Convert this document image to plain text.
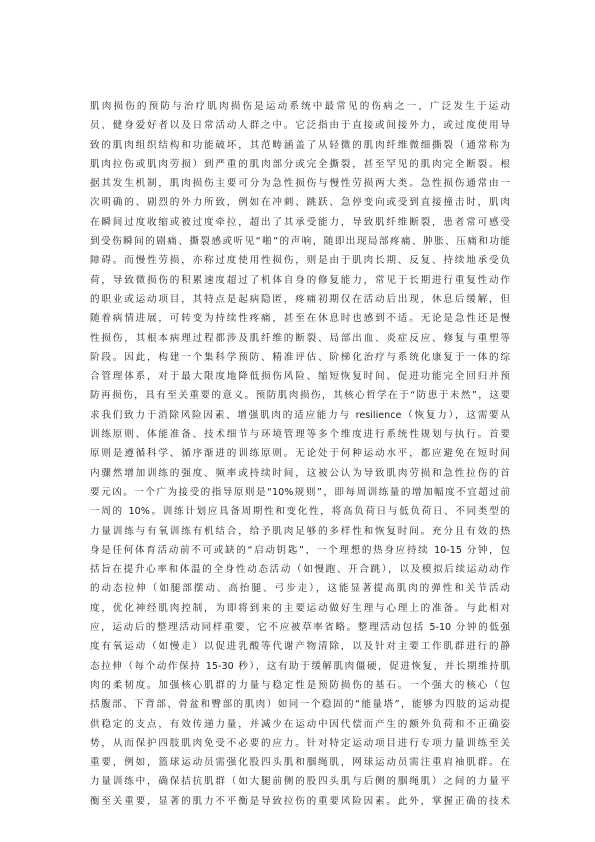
肌肉损伤的预防与治疗肌肉损伤是运动系统中最常见的伤病之一，广泛发生于运动
员、健身爱好者以及日常活动人群之中。它泛指由于直接或间接外力，或过度使用导
致的肌肉组织结构和功能破坏，其范畴涵盖了从轻微的肌肉纤维微细撕裂（通常称为
肌肉拉伤或肌肉劳损）到严重的肌肉部分或完全撕裂，甚至罕见的肌肉完全断裂。根
据其发生机制，肌肉损伤主要可分为急性损伤与慢性劳损两大类。急性损伤通常由一
次明确的、剧烈的外力所致，例如在冲刺、跳跃、急停变向或受到直接撞击时，肌肉
在瞬间过度收缩或被过度牵拉，超出了其承受能力，导致肌纤维断裂，患者常可感受
到受伤瞬间的剧痛、撕裂感或听见“啪”的声响，随即出现局部疼痛、肿胀、压痛和功能
障碍。而慢性劳损，亦称过度使用性损伤，则是由于肌肉长期、反复、持续地承受负
荷，导致微损伤的积累速度超过了机体自身的修复能力，常见于长期进行重复性动作
的职业或运动项目，其特点是起病隐匿，疼痛初期仅在活动后出现，休息后缓解，但
随着病情进展，可转变为持续性疼痛，甚至在休息时也感到不适。无论是急性还是慢
性损伤，其根本病理过程都涉及肌纤维的断裂、局部出血、炎症反应、修复与重塑等
阶段。因此，构建一个集科学预防、精准评估、阶梯化治疗与系统化康复于一体的综
合管理体系，对于最大限度地降低损伤风险、缩短恢复时间、促进功能完全回归并预
防再损伤，具有至关重要的意义。预防肌肉损伤，其核心哲学在于“防患于未然”，这要
求我们致力于消除风险因素、增强肌肉的适应能力与 resilience（恢复力），这需要从
训练原则、体能准备、技术细节与环境管理等多个维度进行系统性规划与执行。首要
原则是遵循科学、循序渐进的训练原则。无论处于何种运动水平，都应避免在短时间
内骤然增加训练的强度、频率或持续时间，这被公认为导致肌肉劳损和急性拉伤的首
要元凶。一个广为接受的指导原则是“10%规则”，即每周训练量的增加幅度不宜超过前
一周的 10%。训练计划应具备周期性和变化性，将高负荷日与低负荷日、不同类型的
力量训练与有氧训练有机结合，给予肌肉足够的多样性和恢复时间。充分且有效的热
身是任何体育活动前不可或缺的“启动钥匙”，一个理想的热身应持续 10-15 分钟，包
括旨在提升心率和体温的全身性动态活动（如慢跑、开合跳），以及模拟后续运动动作
的动态拉伸（如腿部摆动、高抬腿、弓步走），这能显著提高肌肉的弹性和关节活动
度，优化神经肌肉控制，为即将到来的主要运动做好生理与心理上的准备。与此相对
应，运动后的整理活动同样重要，它不应被草率省略。整理活动包括 5-10 分钟的低强
度有氧运动（如慢走）以促进乳酸等代谢产物清除，以及针对主要工作肌群进行的静
态拉伸（每个动作保持 15-30 秒），这有助于缓解肌肉僵硬，促进恢复，并长期维持肌
肉的柔韧度。加强核心肌群的力量与稳定性是预防损伤的基石。一个强大的核心（包
括腹部、下背部、骨盆和臀部的肌肉）如同一个稳固的“能量塔”，能够为四肢的运动提
供稳定的支点，有效传递力量，并减少在运动中因代偿而产生的额外负荷和不正确姿
势，从而保护四肢肌肉免受不必要的应力。针对特定运动项目进行专项力量训练至关
重要，例如，篮球运动员需强化股四头肌和腘绳肌，网球运动员需注重肩袖肌群。在
力量训练中，确保拮抗肌群（如大腿前侧的股四头肌与后侧的腘绳肌）之间的力量平
衡至关重要，显著的肌力不平衡是导致拉伤的重要风险因素。此外，掌握正确的技术
